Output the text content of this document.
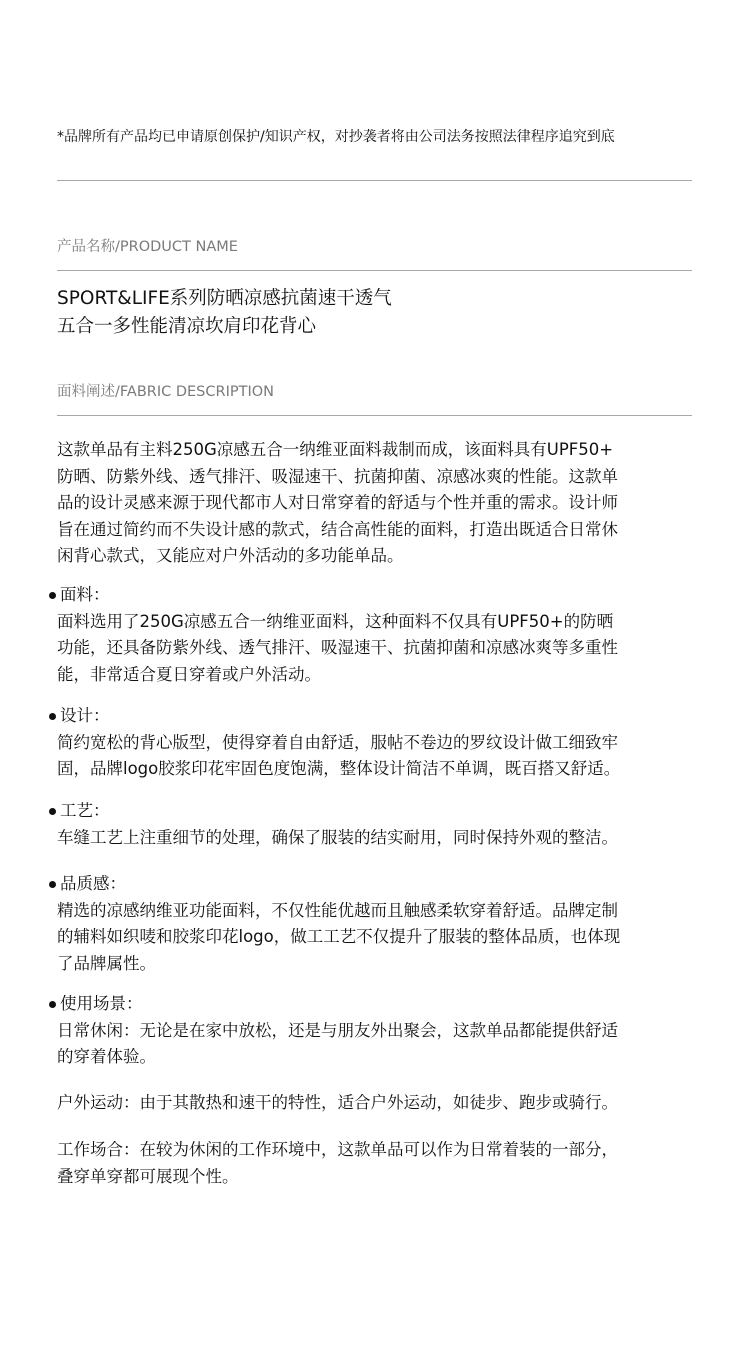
*品牌所有产品均已申请原创保护/知识产权，对抄袭者将由公司法务按照法律程序追究到底
产品名称/PRODUCT NAME
SPORT&LIFE系列防晒凉感抗菌速干透气
五合一多性能清凉坎肩印花背心
面料阐述/FABRIC DESCRIPTION
这款单品有主料250G凉感五合一纳维亚面料裁制而成，该面料具有UPF50+
防晒、防紫外线、透气排汗、吸湿速干、抗菌抑菌、凉感冰爽的性能。这款单
品的设计灵感来源于现代都市人对日常穿着的舒适与个性并重的需求。设计师
旨在通过简约而不失设计感的款式，结合高性能的面料，打造出既适合日常休
闲背心款式，又能应对户外活动的多功能单品。
面料：
面料选用了250G凉感五合一纳维亚面料，这种面料不仅具有UPF50+的防晒
功能，还具备防紫外线、透气排汗、吸湿速干、抗菌抑菌和凉感冰爽等多重性
能，非常适合夏日穿着或户外活动。
设计：
简约宽松的背心版型，使得穿着自由舒适，服帖不卷边的罗纹设计做工细致牢
固，品牌logo胶浆印花牢固色度饱满，整体设计简洁不单调，既百搭又舒适。
工艺：
车缝工艺上注重细节的处理，确保了服装的结实耐用，同时保持外观的整洁。
品质感：
精选的凉感纳维亚功能面料，不仅性能优越而且触感柔软穿着舒适。品牌定制
的辅料如织唛和胶浆印花logo，做工工艺不仅提升了服装的整体品质，也体现
了品牌属性。
使用场景：
日常休闲：无论是在家中放松，还是与朋友外出聚会，这款单品都能提供舒适
的穿着体验。
户外运动：由于其散热和速干的特性，适合户外运动，如徒步、跑步或骑行。
工作场合：在较为休闲的工作环境中，这款单品可以作为日常着装的一部分，
叠穿单穿都可展现个性。
